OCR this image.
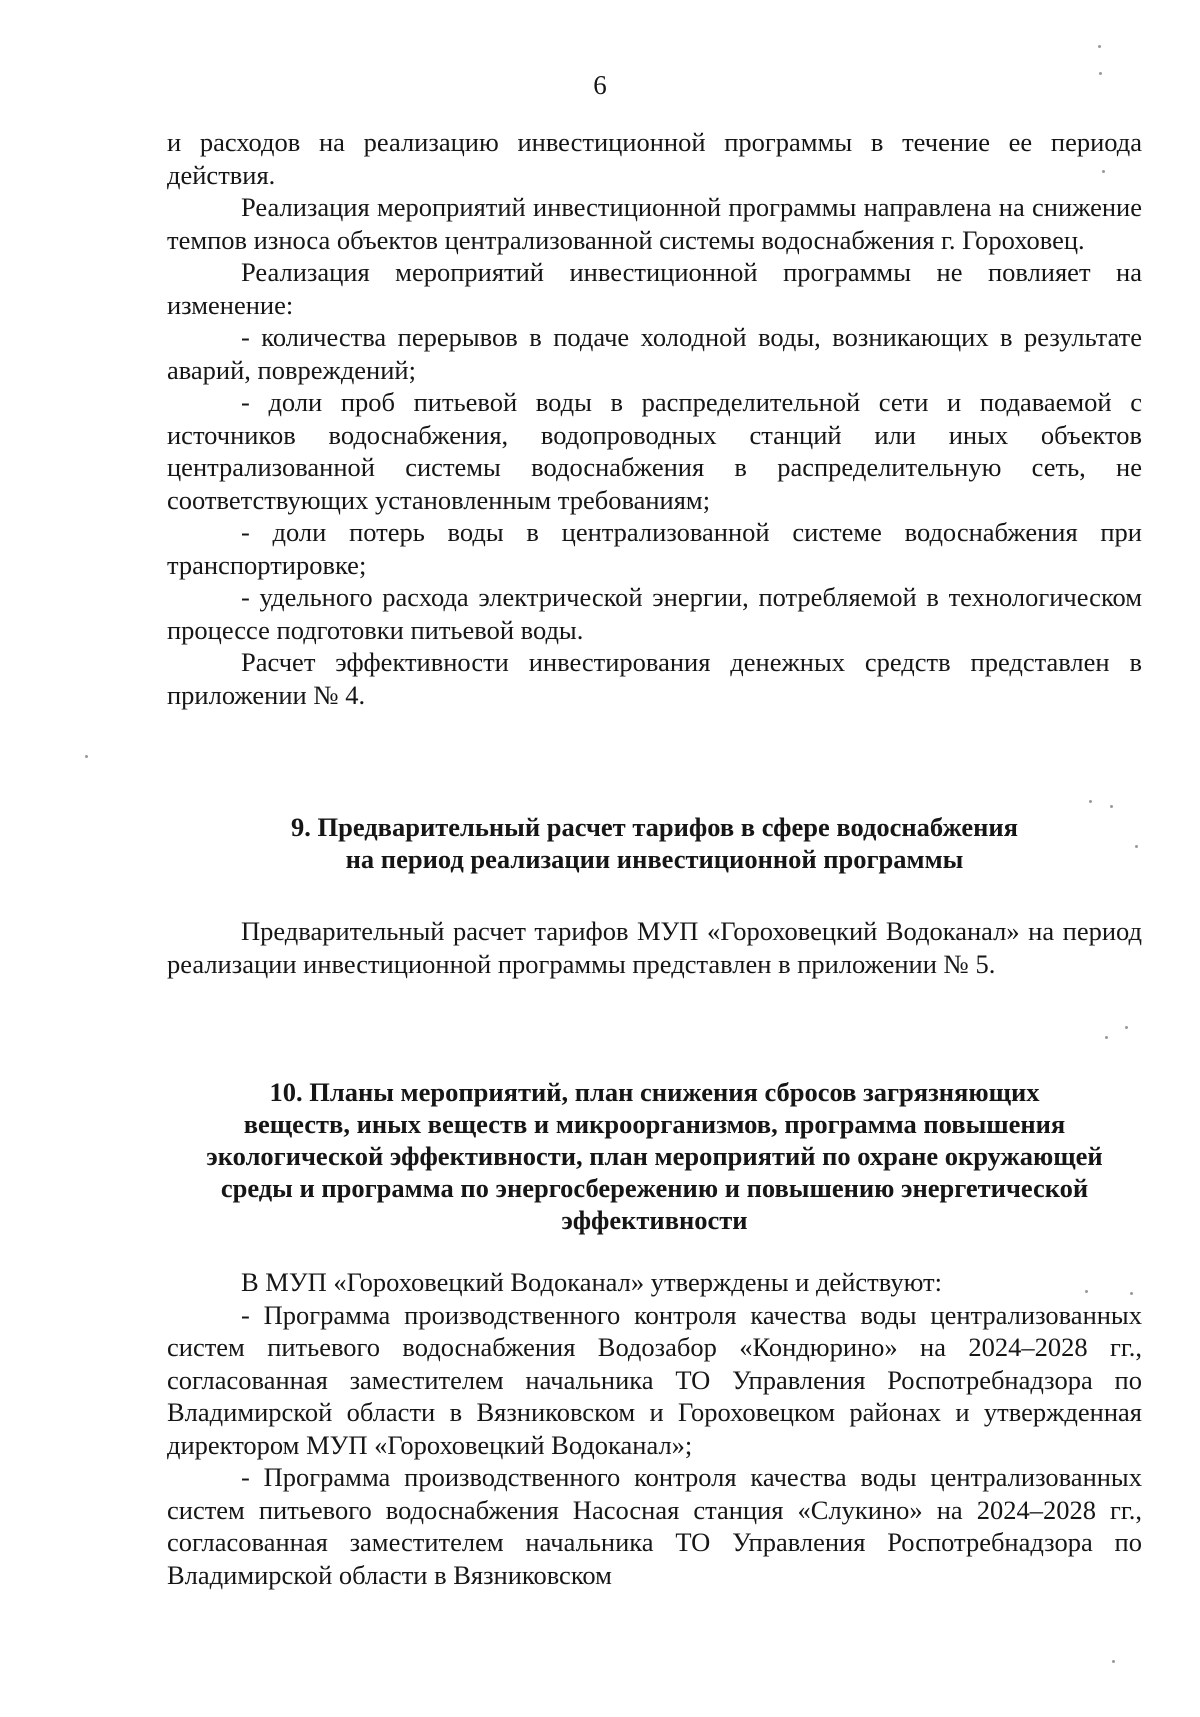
6

и расходов на реализацию инвестиционной программы в течение ее периода действия.

Реализация мероприятий инвестиционной программы направлена на снижение темпов износа объектов централизованной системы водоснабжения г. Гороховец.

Реализация мероприятий инвестиционной программы не повлияет на изменение:

- количества перерывов в подаче холодной воды, возникающих в результате аварий, повреждений;

- доли проб питьевой воды в распределительной сети и подаваемой с источников водоснабжения, водопроводных станций или иных объектов централизованной системы водоснабжения в распределительную сеть, не соответствующих установленным требованиям;

- доли потерь воды в централизованной системе водоснабжения при транспортировке;

- удельного расхода электрической энергии, потребляемой в технологическом процессе подготовки питьевой воды.

Расчет эффективности инвестирования денежных средств представлен в приложении № 4.

9. Предварительный расчет тарифов в сфере водоснабжения
на период реализации инвестиционной программы

Предварительный расчет тарифов МУП «Гороховецкий Водоканал» на период реализации инвестиционной программы представлен в приложении № 5.

10. Планы мероприятий, план снижения сбросов загрязняющих
веществ, иных веществ и микроорганизмов, программа повышения
экологической эффективности, план мероприятий по охране окружающей
среды и программа по энергосбережению и повышению энергетической
эффективности

В МУП «Гороховецкий Водоканал» утверждены и действуют:

- Программа производственного контроля качества воды централизованных систем питьевого водоснабжения Водозабор «Кондюрино» на 2024–2028 гг., согласованная заместителем начальника ТО Управления Роспотребнадзора по Владимирской области в Вязниковском и Гороховецком районах и утвержденная директором МУП «Гороховецкий Водоканал»;

- Программа производственного контроля качества воды централизованных систем питьевого водоснабжения Насосная станция «Слукино» на 2024–2028 гг., согласованная заместителем начальника ТО Управления Роспотребнадзора по Владимирской области в Вязниковском
